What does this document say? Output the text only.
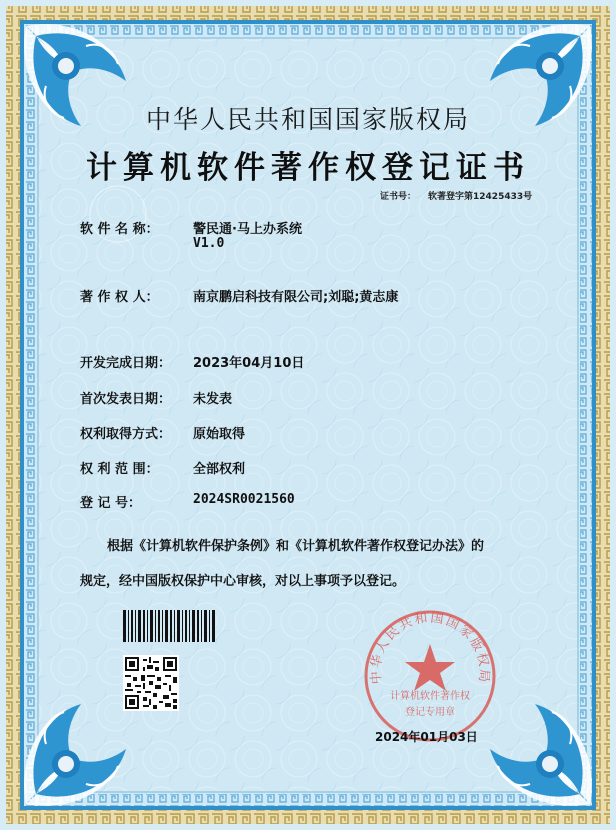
中华人民共和国国家版权局
计算机软件著作权登记证书
证书号： 软著登字第12425433号
软 件 名 称：	警民通·马上办系统
V1.0
著 作 权 人：	南京鹏启科技有限公司;刘聪;黄志康
开发完成日期： 2023年04月10日
首次发表日期： 未发表
权利取得方式： 原始取得
权 利 范 围：	全部权利
登 记 号：	2024SR0021560
根据《计算机软件保护条例》和《计算机软件著作权登记办法》的
规定，经中国版权保护中心审核，对以上事项予以登记。
中华人民共和国国家版权局
计算机软件著作权
登记专用章
2024年01月03日
